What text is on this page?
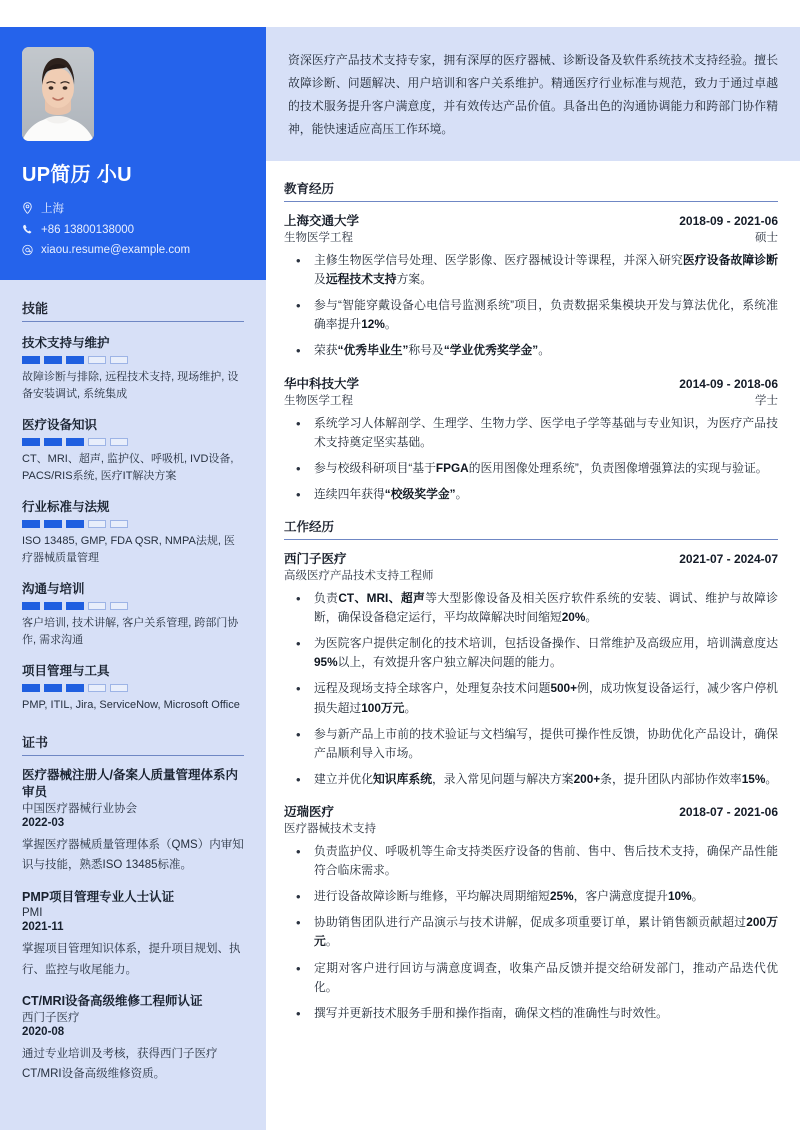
UP简历 小U
上海
+86 13800138000
xiaou.resume@example.com
技能
技术支持与维护
故障诊断与排除, 远程技术支持, 现场维护, 设备安装调试, 系统集成
医疗设备知识
CT、MRI、超声, 监护仪、呼吸机, IVD设备, PACS/RIS系统, 医疗IT解决方案
行业标准与法规
ISO 13485, GMP, FDA QSR, NMPA法规, 医疗器械质量管理
沟通与培训
客户培训, 技术讲解, 客户关系管理, 跨部门协作, 需求沟通
项目管理与工具
PMP, ITIL, Jira, ServiceNow, Microsoft Office
证书
医疗器械注册人/备案人质量管理体系内审员
中国医疗器械行业协会
2022-03
掌握医疗器械质量管理体系（QMS）内审知识与技能，熟悉ISO 13485标准。
PMP项目管理专业人士认证
PMI
2021-11
掌握项目管理知识体系，提升项目规划、执行、监控与收尾能力。
CT/MRI设备高级维修工程师认证
西门子医疗
2020-08
通过专业培训及考核，获得西门子医疗CT/MRI设备高级维修资质。
资深医疗产品技术支持专家，拥有深厚的医疗器械、诊断设备及软件系统技术支持经验。擅长故障诊断、问题解决、用户培训和客户关系维护。精通医疗行业标准与规范，致力于通过卓越的技术服务提升客户满意度，并有效传达产品价值。具备出色的沟通协调能力和跨部门协作精神，能快速适应高压工作环境。
教育经历
上海交通大学	2018-09 - 2021-06
生物医学工程	硕士
• 主修生物医学信号处理、医学影像、医疗器械设计等课程，并深入研究医疗设备故障诊断及远程技术支持方案。
• 参与“智能穿戴设备心电信号监测系统”项目，负责数据采集模块开发与算法优化，系统准确率提升12%。
• 荣获“优秀毕业生”称号及“学业优秀奖学金”。
华中科技大学	2014-09 - 2018-06
生物医学工程	学士
• 系统学习人体解剖学、生理学、生物力学、医学电子学等基础与专业知识，为医疗产品技术支持奠定坚实基础。
• 参与校级科研项目“基于FPGA的医用图像处理系统”，负责图像增强算法的实现与验证。
• 连续四年获得“校级奖学金”。
工作经历
西门子医疗	2021-07 - 2024-07
高级医疗产品技术支持工程师
• 负责CT、MRI、超声等大型影像设备及相关医疗软件系统的安装、调试、维护与故障诊断，确保设备稳定运行，平均故障解决时间缩短20%。
• 为医院客户提供定制化的技术培训，包括设备操作、日常维护及高级应用，培训满意度达95%以上，有效提升客户独立解决问题的能力。
• 远程及现场支持全球客户，处理复杂技术问题500+例，成功恢复设备运行，减少客户停机损失超过100万元。
• 参与新产品上市前的技术验证与文档编写，提供可操作性反馈，协助优化产品设计，确保产品顺利导入市场。
• 建立并优化知识库系统，录入常见问题与解决方案200+条，提升团队内部协作效率15%。
迈瑞医疗	2018-07 - 2021-06
医疗器械技术支持
• 负责监护仪、呼吸机等生命支持类医疗设备的售前、售中、售后技术支持，确保产品性能符合临床需求。
• 进行设备故障诊断与维修，平均解决周期缩短25%，客户满意度提升10%。
• 协助销售团队进行产品演示与技术讲解，促成多项重要订单，累计销售额贡献超过200万元。
• 定期对客户进行回访与满意度调查，收集产品反馈并提交给研发部门，推动产品迭代优化。
• 撰写并更新技术服务手册和操作指南，确保文档的准确性与时效性。
